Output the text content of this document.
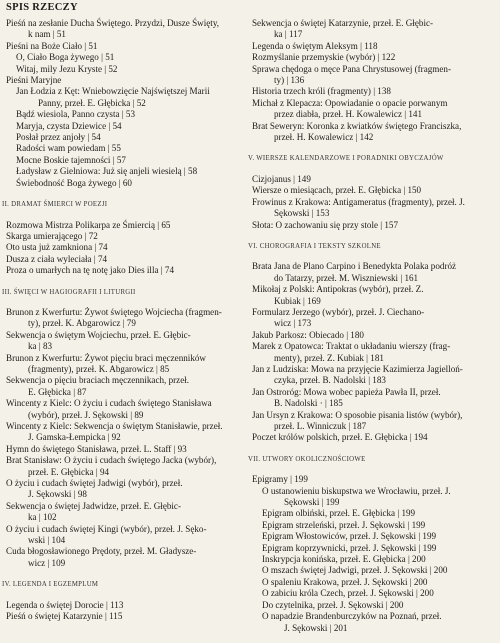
SPIS RZECZY
Pieśń na zesłanie Ducha Świętego. Przydzi, Dusze Święty,
k nam | 51
Pieśni na Boże Ciało | 51
O, Ciało Boga żywego | 51
Witaj, mily Jezu Kryste | 52
Pieśni Maryjne
Jan Łodzia z Kęt: Wniebowzięcie Najświętszej Marii
Panny, przeł. E. Głębicka | 52
Bądź wiesiola, Panno czysta | 53
Maryja, czysta Dziewice | 54
Posłał przez anjoły | 54
Radości wam powiedam | 55
Mocne Boskie tajemności | 57
Ładysław z Gielniowa: Już się anjeli wiesielą | 58
Świebodność Boga żywego | 60
II. DRAMAT ŚMIERCI W POEZJI
Rozmowa Mistrza Polikarpa ze Śmiercią | 65
Skarga umierającego | 72
Oto usta już zamkniona | 74
Dusza z ciała wyleciała | 74
Proza o umarłych na tę notę jako Dies illa | 74
III. ŚWIĘCI W HAGIOGRAFII I LITURGII
Brunon z Kwerfurtu: Żywot świętego Wojciecha (fragmen-
ty), przeł. K. Abgarowicz | 79
Sekwencja o świętym Wojciechu, przeł. E. Głębic-
ka | 83
Brunon z Kwerfurtu: Żywot pięciu braci męczenników
(fragmenty), przeł. K. Abgarowicz | 85
Sekwencja o pięciu braciach męczennikach, przeł.
E. Głębicka | 87
Wincenty z Kielc: O życiu i cudach świętego Stanisława
(wybór), przeł. J. Sękowski | 89
Wincenty z Kielc: Sekwencja o świętym Stanisławie, przeł.
J. Gamska-Łempicka | 92
Hymn do świętego Stanisława, przeł. L. Staff | 93
Brat Stanisław: O życiu i cudach świętego Jacka (wybór),
przeł. E. Głębicka | 94
O życiu i cudach świętej Jadwigi (wybór), przeł.
J. Sękowski | 98
Sekwencja o świętej Jadwidze, przeł. E. Głębic-
ka | 102
O życiu i cudach świętej Kingi (wybór), przeł. J. Sęko-
wski | 104
Cuda błogosławionego Prędoty, przeł. M. Gładysze-
wicz | 109
IV. LEGENDA I EGZEMPLUM
Legenda o świętej Dorocie | 113
Pieśń o świętej Katarzynie | 115
Sekwencja o świętej Katarzynie, przeł. E. Głębic-
ka | 117
Legenda o świętym Aleksym | 118
Rozmyślanie przemyskie (wybór) | 122
Sprawa chędoga o męce Pana Chrystusowej (fragmen-
ty) | 136
Historia trzech króli (fragmenty) | 138
Michał z Klepacza: Opowiadanie o opacie porwanym
przez diabła, przeł. H. Kowalewicz | 141
Brat Seweryn: Koronka z kwiatków świętego Franciszka,
przeł. H. Kowalewicz | 142
V. WIERSZE KALENDARZOWE I PORADNIKI OBYCZAJÓW
Cizjojanus | 149
Wiersze o miesiącach, przeł. E. Głębicka | 150
Frowinus z Krakowa: Antigameratus (fragmenty), przeł. J.
Sękowski | 153
Słota: O zachowaniu się przy stole | 157
VI. CHOROGRAFIA I TEKSTY SZKOLNE
Brata Jana de Plano Carpino i Benedykta Polaka podróż
do Tatarzy, przeł. M. Wiszniewski | 161
Mikołaj z Polski: Antipokras (wybór), przeł. Z.
Kubiak | 169
Formularz Jerzego (wybór), przeł. J. Ciechano-
wicz | 173
Jakub Parkosz: Obiecado | 180
Marek z Opatowca: Traktat o układaniu wierszy (frag-
menty), przeł. Z. Kubiak | 181
Jan z Ludziska: Mowa na przyjęcie Kazimierza Jagielloń-
czyka, przeł. B. Nadolski | 183
Jan Ostroróg: Mowa wobec papieża Pawła II, przeł.
B. Nadolski · | 185
Jan Ursyn z Krakowa: O sposobie pisania listów (wybór),
przeł. L. Winniczuk | 187
Poczet królów polskich, przeł. E. Głębicka | 194
VII. UTWORY OKOLICZNOŚCIOWE
Epigramy | 199
O ustanowieniu biskupstwa we Wrocławiu, przeł. J.
Sękowski | 199
Epigram olbiński, przeł. E. Głębicka | 199
Epigram strzeleński, przeł. J. Sękowski | 199
Epigram Włostowiców, przeł. J. Sękowski | 199
Epigram koprzywnicki, przeł. J. Sękowski | 199
Inskrypcja konińska, przeł. E. Głębicka | 200
O mszach świętej Jadwigi, przeł. J. Sękowski | 200
O spaleniu Krakowa, przeł. J. Sękowski | 200
O zabiciu króla Czech, przeł. J. Sękowski | 200
Do czytelnika, przeł. J. Sękowski | 200
O napadzie Brandenburczyków na Poznań, przeł.
J. Sękowski | 201
